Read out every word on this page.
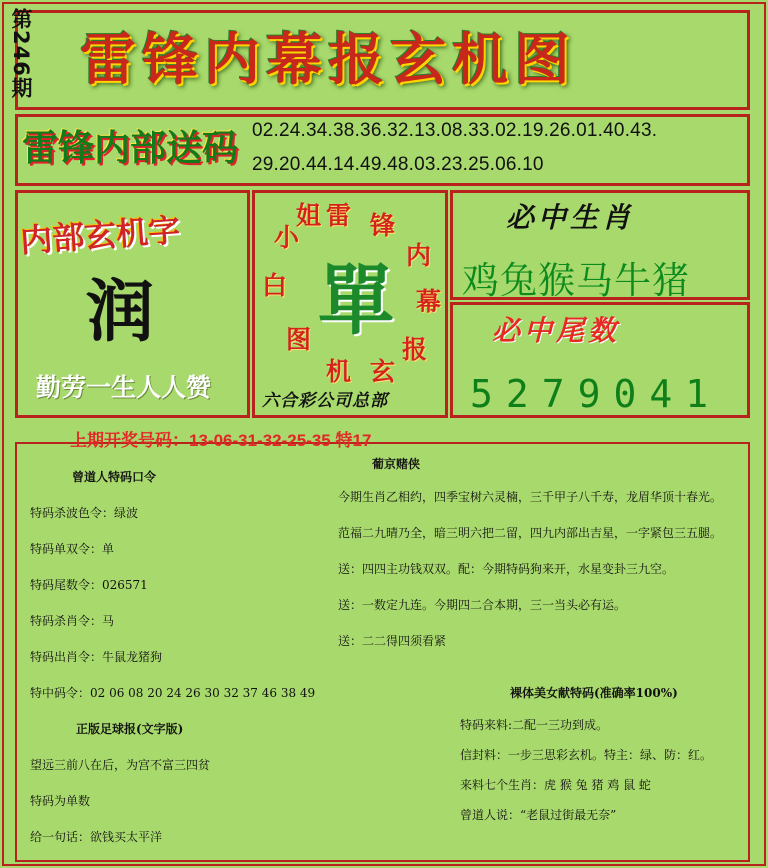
第246期 雷锋内幕报玄机图
雷锋内部送码 02.24.34.38.36.32.13.08.33.02.19.26.01.40.43.
29.20.44.14.49.48.03.23.25.06.10
内部玄机字
润
勤劳一生人人赞
雷 锋
内
幕
报
玄
机
图
白
小
姐
單
六合彩公司总部
必中生肖
鸡兔猴马牛猪
必中尾数
5279041
上期开奖号码：13-06-31-32-25-35 特17
曾道人特码口令
特码杀波色令：绿波
特码单双令：单
特码尾数令：026571
特码杀肖令：马
特码出肖令：牛鼠龙猪狗
特中码令：02 06 08 20 24 26 30 32 37 46 38 49
正版足球报(文字版)
望远三前八在后，为宫不富三四贫
特码为单数
给一句话：欲钱买太平洋
葡京赌侠
今期生肖乙相约，四季宝树六灵楠，三千甲子八千寿，龙眉华顶十春光。
范福二九晴乃全，暗三明六把二留，四九内部出吉星，一字紧包三五腿。
送：四四主功钱双双。配：今期特码狗来开，水星变卦三九空。
送：一数定九连。今期四二合本期，三一当头必有运。
送：二二得四须看紧
裸体美女献特码(准确率100%)
特码来料:二配一三功到成。
信封料：一步三思彩玄机。特主：绿、防：红。
来料七个生肖：虎 猴 兔 猪 鸡 鼠 蛇
曾道人说：“老鼠过街最无奈”
